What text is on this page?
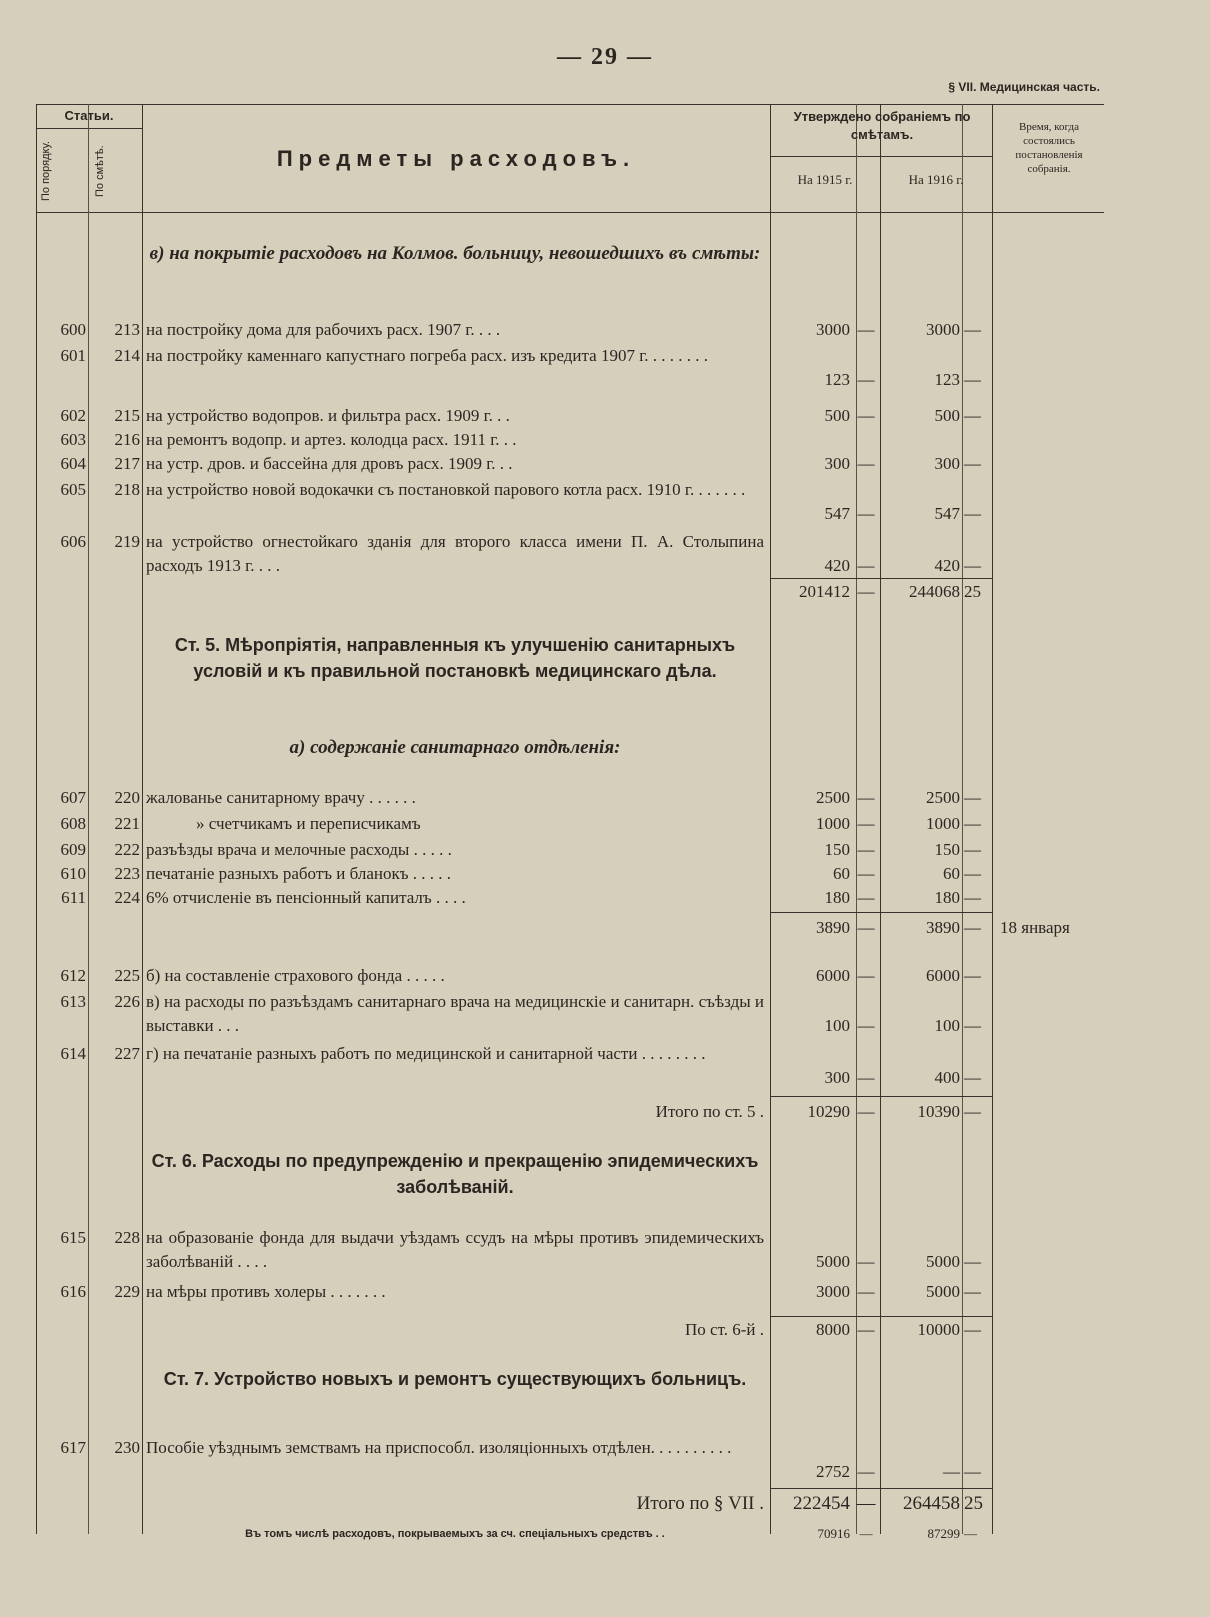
— 29 —
§ VII. Медицинская часть.
Статьи.
По порядку.	По смѣтѣ.	Предметы расходовъ.
Утверждено собраніемъ по смѣтамъ.
На 1915 г.	На 1916 г.
Время, когда состоялись постановленія собранія.
в) на покрытіе расходовъ на Колмов. больницу, невошедшихъ въ смѣты:
Ст. 5. Мѣропріятія, направленныя къ улучшенію санитарныхъ условій и къ правильной постановкѣ медицинскаго дѣла.
а) содержаніе санитарнаго отдѣленія:
Ст. 6. Расходы по предупрежденію и прекращенію эпидемическихъ заболѣваній.
Ст. 7. Устройство новыхъ и ремонтъ существующихъ больницъ.
600	213 на постройку дома для рабочихъ расх. 1907 г. . . .	3000 —	3000 —
601	214 на постройку каменнаго капустнаго погреба расх. изъ кредита 1907 г. . . . . . . .
123 —	123 —
602	215 на устройство водопров. и фильтра расх. 1909 г. . .	500 —	500 —
603	216 на ремонтъ водопр. и артез. колодца расх. 1911 г. . .
604	217 на устр. дров. и бассейна для дровъ расх. 1909 г. . .	300 —	300 —
605	218 на устройство новой водокачки съ постановкой парового котла расх. 1910 г. . . . . . .
547 —	547 —
606	219 на устройство огнестойкаго зданія для второго класса имени П. А. Столыпина расходъ 1913 г. . . .	420 —	420 —
201412 —	244068 25
607	220 жалованье санитарному врачу . . . . . .	2500 —	2500 —
608	221	» счетчикамъ и переписчикамъ	1000 —	1000 —
609	222 разъѣзды врача и мелочные расходы . . . . .	150 —	150 —
610	223 печатаніе разныхъ работъ и бланокъ . . . . .	60 —	60 —
611	224 6% отчисленіе въ пенсіонный капиталъ . . . .	180 —	180 —
3890 —	3890 —	18 января
612	225 б) на составленіе страхового фонда . . . . .	6000 —	6000 —
613	226 в) на расходы по разъѣздамъ санитарнаго врача на медицинскіе и санитарн. съѣзды и выставки . . .	100 —	100 —
614	227 г) на печатаніе разныхъ работъ по медицинской и санитарной части . . . . . . . .
300 —	400 —
Итого по ст. 5 .	10290 —	10390 —
615	228 на образованіе фонда для выдачи уѣздамъ ссудъ на мѣры противъ эпидемическихъ заболѣваній . . . .	5000 —	5000 —
616	229 на мѣры противъ холеры . . . . . . .	3000 —	5000 —
По ст. 6-й .	8000 —	10000 —
617	230 Пособіе уѣзднымъ земствамъ на приспособл. изоляціонныхъ отдѣлен. . . . . . . . . .
2752 —	— —
Итого по § VII .	222454 —	264458 25
Въ томъ числѣ расходовъ, покрываемыхъ за сч. спеціальныхъ средствъ . .	70916 —	87299 —
